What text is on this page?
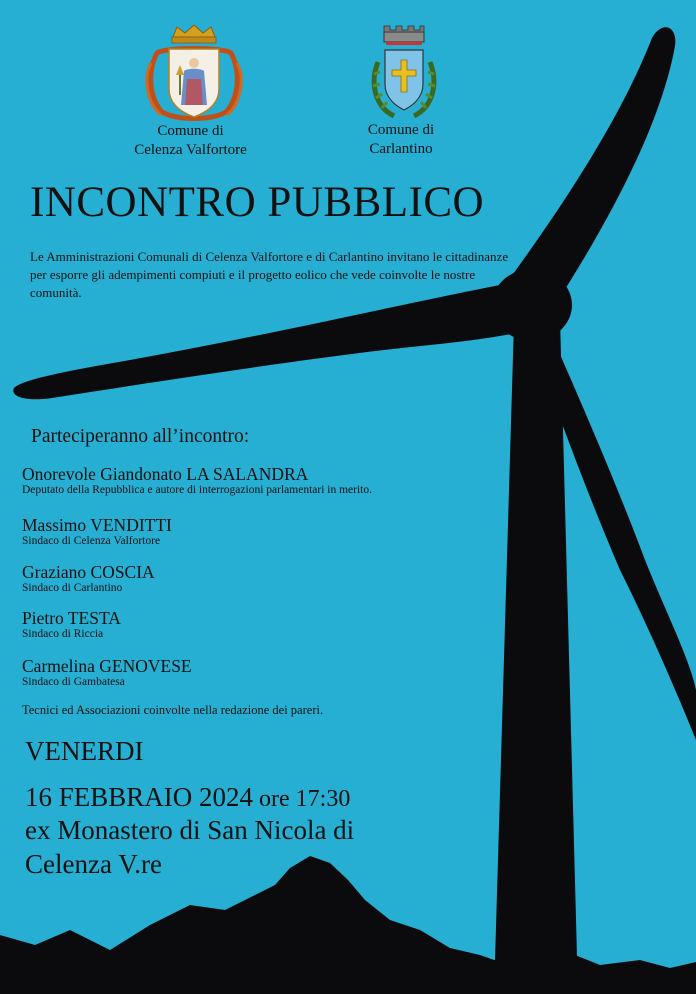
Comune di
Celenza Valfortore
Comune di
Carlantino
INCONTRO PUBBLICO
Le Amministrazioni Comunali di Celenza Valfortore e di Carlantino invitano le cittadinanze per esporre gli adempimenti compiuti e il progetto eolico che vede coinvolte le nostre comunità.
Parteciperanno all’incontro:
Onorevole Giandonato LA SALANDRA
Deputato della Repubblica e autore di interrogazioni parlamentari in merito.
Massimo VENDITTI
Sindaco di Celenza Valfortore
Graziano COSCIA
Sindaco di Carlantino
Pietro TESTA
Sindaco di Riccia
Carmelina GENOVESE
Sindaco di Gambatesa
Tecnici ed Associazioni coinvolte nella redazione dei pareri.
VENERDI
16 FEBBRAIO 2024 ore 17:30
ex Monastero di San Nicola di
Celenza V.re
